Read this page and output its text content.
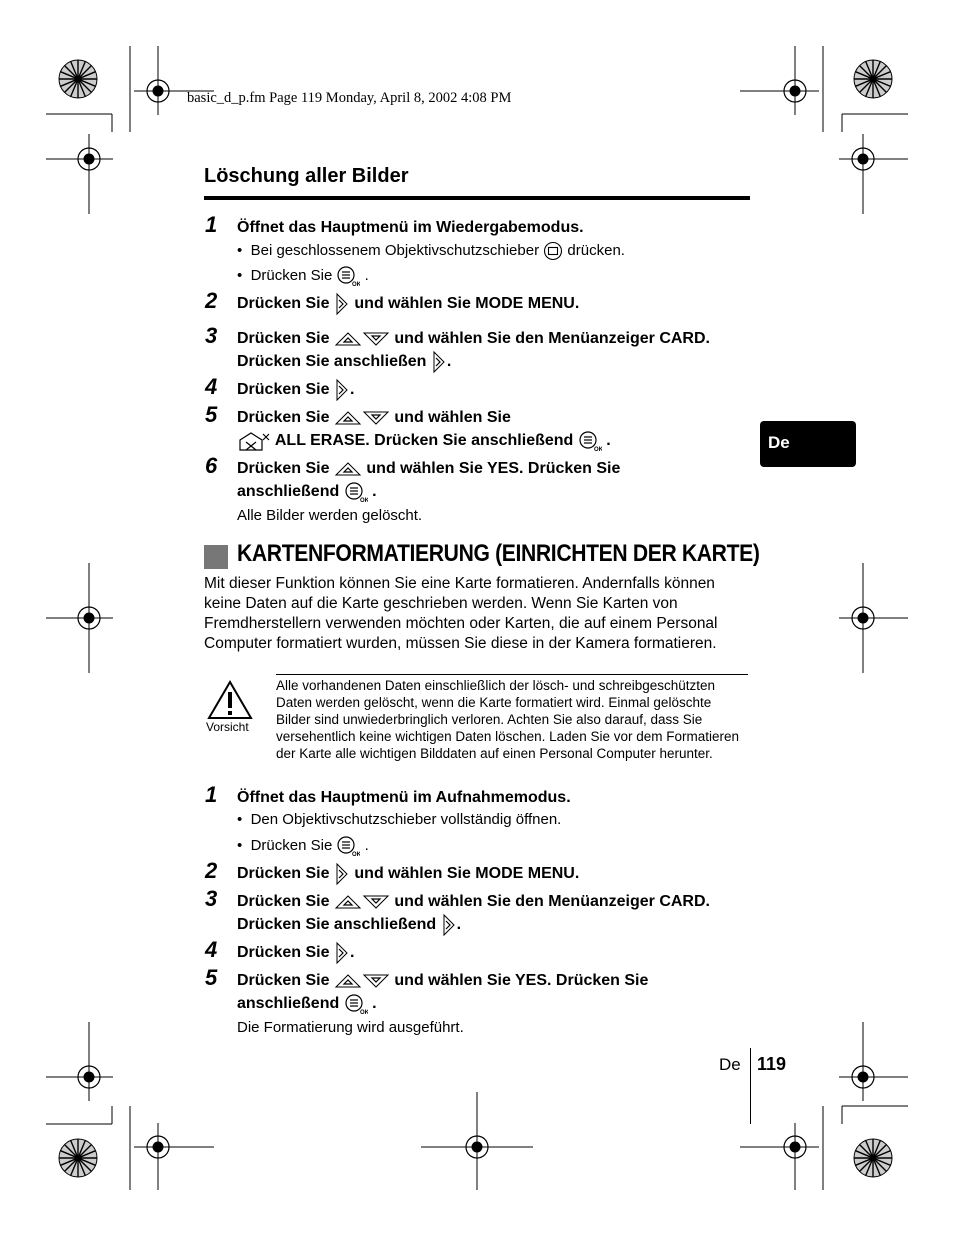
basic_d_p.fm Page 119 Monday, April 8, 2002 4:08 PM
De
Löschung aller Bilder
1	Öffnet das Hauptmenü im Wiedergabemodus.
•  Bei geschlossenem Objektivschutzschieber drücken.
•  Drücken Sie .
2	Drücken Sie und wählen Sie MODE MENU.
3	Drücken Sie	und wählen Sie den Menüanzeiger CARD.
Drücken Sie anschließen .
4	Drücken Sie .
5	Drücken Sie	und wählen Sie
ALL ERASE. Drücken Sie anschließend .
6	Drücken Sie und wählen Sie YES. Drücken Sie
anschließend .
Alle Bilder werden gelöscht.
KARTENFORMATIERUNG (EINRICHTEN DER KARTE)
Mit dieser Funktion können Sie eine Karte formatieren. Andernfalls können keine Daten auf die Karte geschrieben werden. Wenn Sie Karten von Fremdherstellern verwenden möchten oder Karten, die auf einem Personal Computer formatiert wurden, müssen Sie diese in der Kamera formatieren.
Vorsicht
Alle vorhandenen Daten einschließlich der lösch- und schreibgeschützten Daten werden gelöscht, wenn die Karte formatiert wird. Einmal gelöschte Bilder sind unwiederbringlich verloren. Achten Sie also darauf, dass Sie versehentlich keine wichtigen Daten löschen. Laden Sie vor dem Formatieren der Karte alle wichtigen Bilddaten auf einen Personal Computer herunter.
1	Öffnet das Hauptmenü im Aufnahmemodus.
•  Den Objektivschutzschieber vollständig öffnen.
•  Drücken Sie .
2	Drücken Sie und wählen Sie MODE MENU.
3	Drücken Sie	und wählen Sie den Menüanzeiger CARD.
Drücken Sie anschließend .
4	Drücken Sie .
5	Drücken Sie	und wählen Sie YES. Drücken Sie
anschließend .
Die Formatierung wird ausgeführt.
De 119
